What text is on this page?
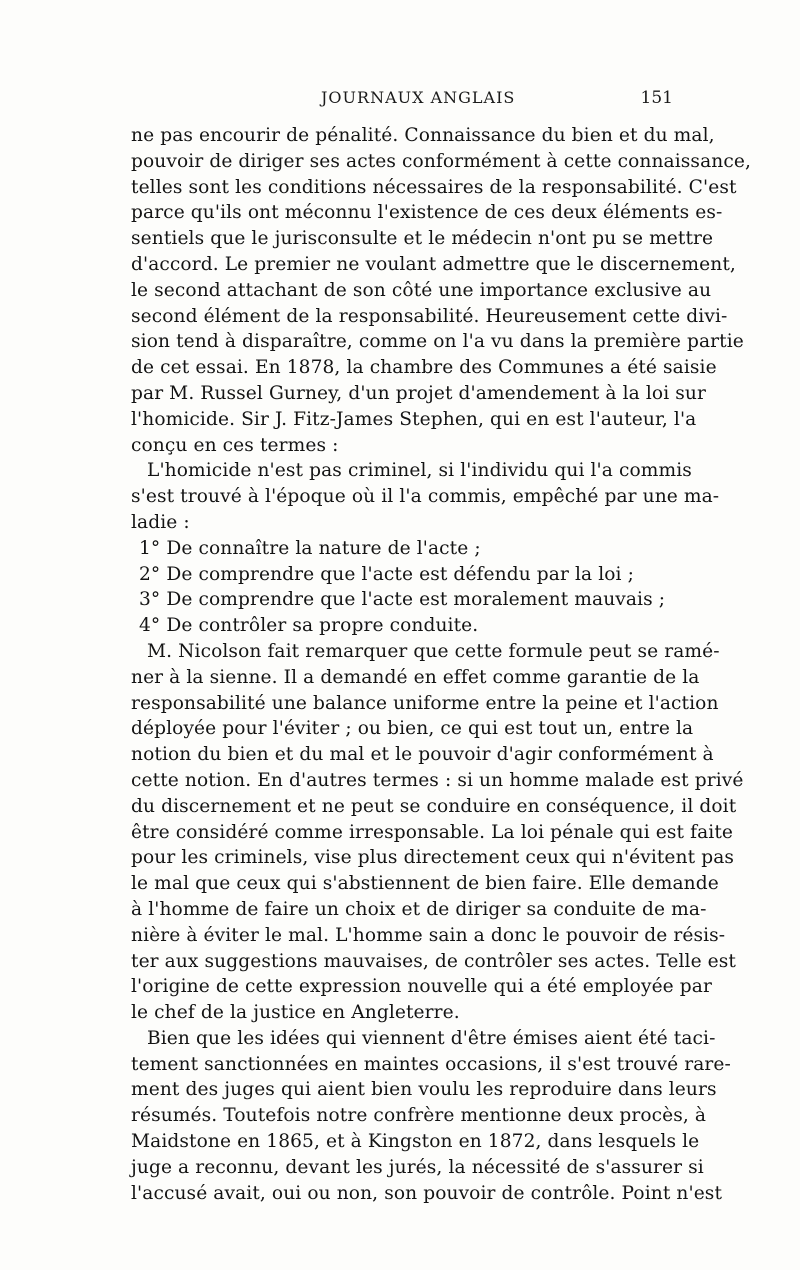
JOURNAUX ANGLAIS	151
ne pas encourir de pénalité. Connaissance du bien et du mal,
pouvoir de diriger ses actes conformément à cette connaissance,
telles sont les conditions nécessaires de la responsabilité. C'est
parce qu'ils ont méconnu l'existence de ces deux éléments es-
sentiels que le jurisconsulte et le médecin n'ont pu se mettre
d'accord. Le premier ne voulant admettre que le discernement,
le second attachant de son côté une importance exclusive au
second élément de la responsabilité. Heureusement cette divi-
sion tend à disparaître, comme on l'a vu dans la première partie
de cet essai. En 1878, la chambre des Communes a été saisie
par M. Russel Gurney, d'un projet d'amendement à la loi sur
l'homicide. Sir J. Fitz-James Stephen, qui en est l'auteur, l'a
conçu en ces termes :
L'homicide n'est pas criminel, si l'individu qui l'a commis
s'est trouvé à l'époque où il l'a commis, empêché par une ma-
ladie :
1° De connaître la nature de l'acte ;
2° De comprendre que l'acte est défendu par la loi ;
3° De comprendre que l'acte est moralement mauvais ;
4° De contrôler sa propre conduite.
M. Nicolson fait remarquer que cette formule peut se ramé-
ner à la sienne. Il a demandé en effet comme garantie de la
responsabilité une balance uniforme entre la peine et l'action
déployée pour l'éviter ; ou bien, ce qui est tout un, entre la
notion du bien et du mal et le pouvoir d'agir conformément à
cette notion. En d'autres termes : si un homme malade est privé
du discernement et ne peut se conduire en conséquence, il doit
être considéré comme irresponsable. La loi pénale qui est faite
pour les criminels, vise plus directement ceux qui n'évitent pas
le mal que ceux qui s'abstiennent de bien faire. Elle demande
à l'homme de faire un choix et de diriger sa conduite de ma-
nière à éviter le mal. L'homme sain a donc le pouvoir de résis-
ter aux suggestions mauvaises, de contrôler ses actes. Telle est
l'origine de cette expression nouvelle qui a été employée par
le chef de la justice en Angleterre.
Bien que les idées qui viennent d'être émises aient été taci-
tement sanctionnées en maintes occasions, il s'est trouvé rare-
ment des juges qui aient bien voulu les reproduire dans leurs
résumés. Toutefois notre confrère mentionne deux procès, à
Maidstone en 1865, et à Kingston en 1872, dans lesquels le
juge a reconnu, devant les jurés, la nécessité de s'assurer si
l'accusé avait, oui ou non, son pouvoir de contrôle. Point n'est
